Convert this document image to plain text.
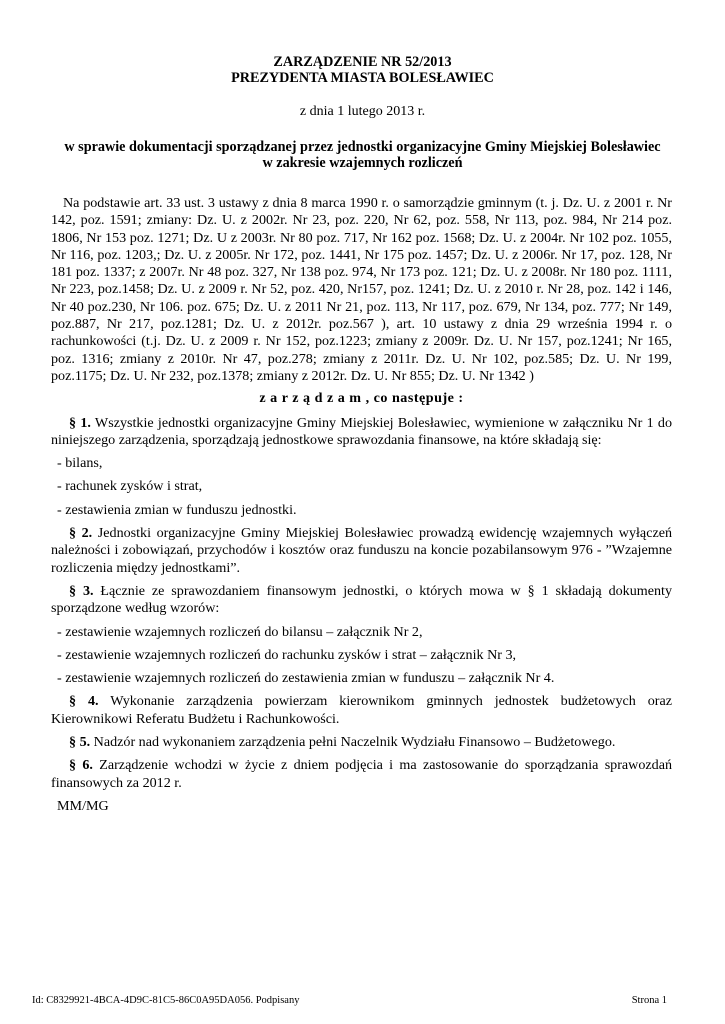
ZARZĄDZENIE NR 52/2013
PREZYDENTA MIASTA BOLESŁAWIEC
z dnia 1 lutego 2013 r.
w sprawie dokumentacji sporządzanej przez jednostki organizacyjne Gminy Miejskiej Bolesławiec
w zakresie wzajemnych rozliczeń

Na podstawie art. 33 ust. 3 ustawy z dnia 8 marca 1990 r. o samorządzie gminnym (t. j. Dz. U. z 2001 r. Nr 142, poz. 1591; zmiany: Dz. U. z 2002r. Nr 23, poz. 220, Nr 62, poz. 558, Nr 113, poz. 984, Nr 214 poz. 1806, Nr 153 poz. 1271; Dz. U z 2003r. Nr 80 poz. 717, Nr 162 poz. 1568; Dz. U. z 2004r. Nr 102 poz. 1055, Nr 116, poz. 1203,; Dz. U. z 2005r. Nr 172, poz. 1441, Nr 175 poz. 1457; Dz. U. z 2006r. Nr 17, poz. 128, Nr 181 poz. 1337; z 2007r. Nr 48 poz. 327, Nr 138 poz. 974, Nr 173 poz. 121; Dz. U. z 2008r. Nr 180 poz. 1111, Nr 223, poz.1458; Dz. U. z 2009 r. Nr 52, poz. 420, Nr157, poz. 1241; Dz. U. z 2010 r. Nr 28, poz. 142 i 146, Nr 40 poz.230, Nr 106. poz. 675; Dz. U. z 2011 Nr 21, poz. 113, Nr 117, poz. 679, Nr 134, poz. 777; Nr 149, poz.887, Nr 217, poz.1281; Dz. U. z 2012r. poz.567 ), art. 10 ustawy z dnia 29 września 1994 r. o rachunkowości (t.j. Dz. U. z 2009 r. Nr 152, poz.1223; zmiany z 2009r. Dz. U. Nr 157, poz.1241; Nr 165, poz. 1316; zmiany z 2010r. Nr 47, poz.278; zmiany z 2011r. Dz. U. Nr 102, poz.585; Dz. U. Nr 199, poz.1175; Dz. U. Nr 232, poz.1378; zmiany z 2012r. Dz. U. Nr 855; Dz. U. Nr 1342 )

z a r z ą d z a m , co następuje :

§ 1. Wszystkie jednostki organizacyjne Gminy Miejskiej Bolesławiec, wymienione w załączniku Nr 1 do niniejszego zarządzenia, sporządzają jednostkowe sprawozdania finansowe, na które składają się:

- bilans,
- rachunek zysków i strat,
- zestawienia zmian w funduszu jednostki.

§ 2. Jednostki organizacyjne Gminy Miejskiej Bolesławiec prowadzą ewidencję wzajemnych wyłączeń należności i zobowiązań, przychodów i kosztów oraz funduszu na koncie pozabilansowym 976 - ”Wzajemne rozliczenia między jednostkami”.

§ 3. Łącznie ze sprawozdaniem finansowym jednostki, o których mowa w § 1 składają dokumenty sporządzone według wzorów:

- zestawienie wzajemnych rozliczeń do bilansu – załącznik Nr 2,
- zestawienie wzajemnych rozliczeń do rachunku zysków i strat – załącznik Nr 3,
- zestawienie wzajemnych rozliczeń do zestawienia zmian w funduszu – załącznik Nr 4.

§ 4. Wykonanie zarządzenia powierzam kierownikom gminnych jednostek budżetowych oraz Kierownikowi Referatu Budżetu i Rachunkowości.

§ 5. Nadzór nad wykonaniem zarządzenia pełni Naczelnik Wydziału Finansowo – Budżetowego.

§ 6. Zarządzenie wchodzi w życie z dniem podjęcia i ma zastosowanie do sporządzania sprawozdań finansowych za 2012 r.

MM/MG
Id: C8329921-4BCA-4D9C-81C5-86C0A95DA056. Podpisany	Strona 1
